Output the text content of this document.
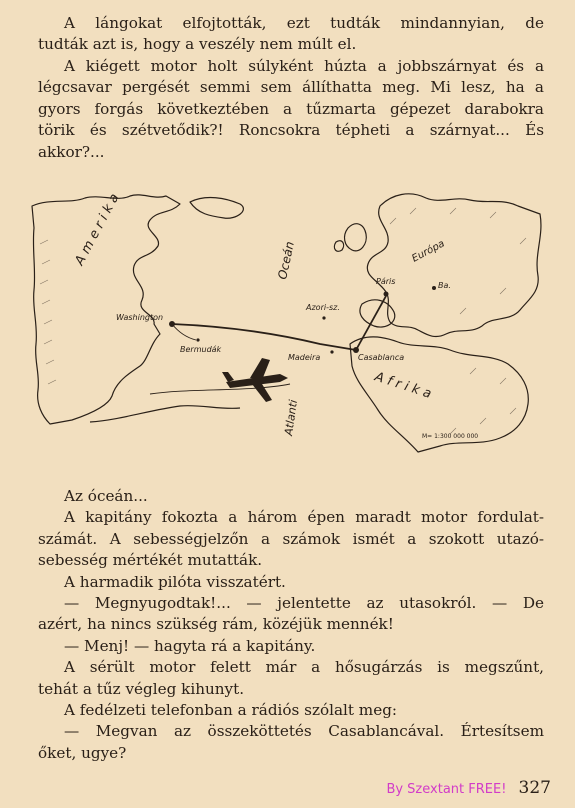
A lángokat elfojtották, ezt tudták mindannyian, de
tudták azt is, hogy a veszély nem múlt el.
A kiégett motor holt súlyként húzta a jobbszárnyat és a
légcsavar pergését semmi sem állíthatta meg. Mi lesz, ha a
gyors forgás következtében a tűzmarta gépezet darabokra
törik és szétvetődik?! Roncsokra tépheti a szárnyat... És
akkor?...
A m e r i k a	Oceán
Atlanti
Európa
A f r i k a
Washington
Bermudák
Azori-sz.
Madeira	Casablanca
Páris	Ba.
M= 1:300 000 000
Az óceán...
A kapitány fokozta a három épen maradt motor fordulat-
számát. A sebességjelzőn a számok ismét a szokott utazó-
sebesség mértékét mutatták.
A harmadik pilóta visszatért.
— Megnyugodtak!... — jelentette az utasokról. — De
azért, ha nincs szükség rám, közéjük mennék!
— Menj! — hagyta rá a kapitány.
A sérült motor felett már a hősugárzás is megszűnt,
tehát a tűz végleg kihunyt.
A fedélzeti telefonban a rádiós szólalt meg:
— Megvan az összeköttetés Casablancával. Értesítsem
őket, ugye?
By Szextant FREE! 327
